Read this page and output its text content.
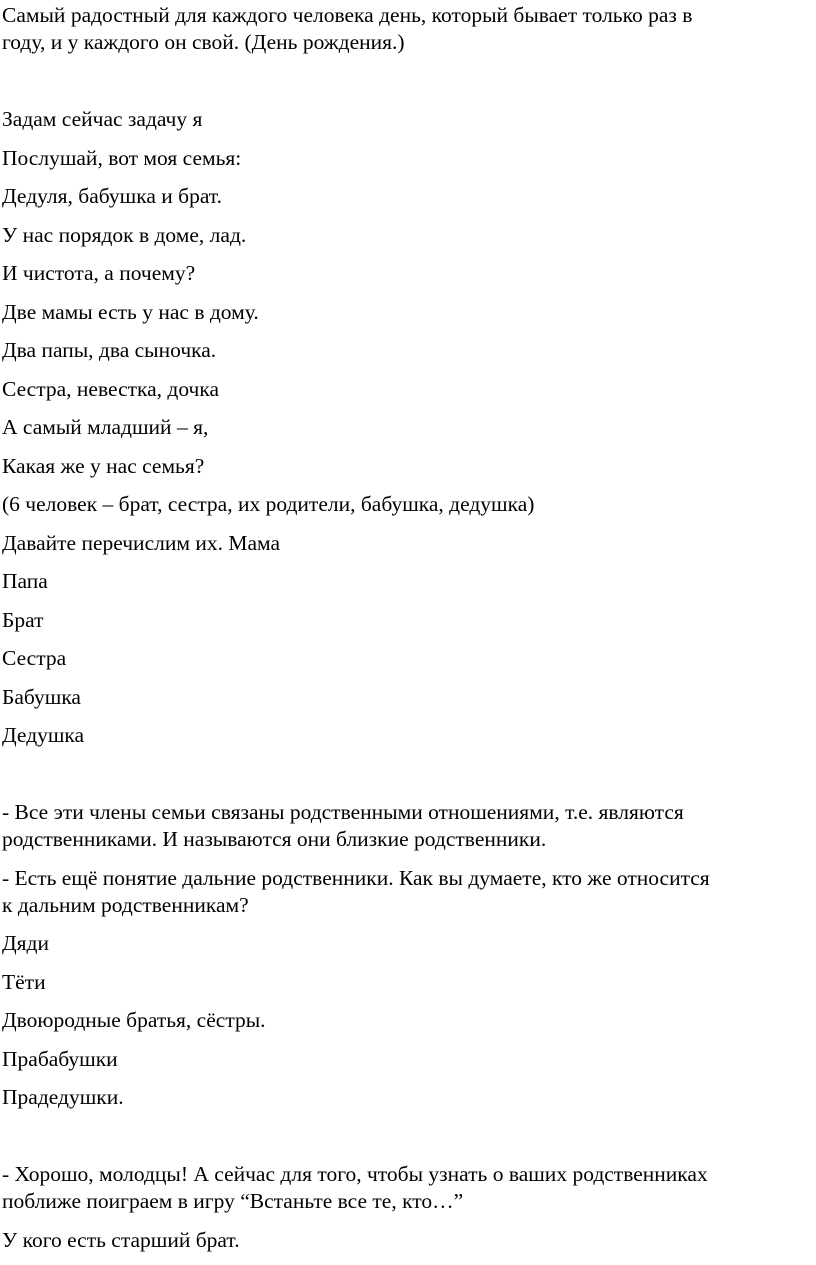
Самый радостный для каждого человека день, который бывает только раз в
году, и у каждого он свой. (День рождения.)
Задам сейчас задачу я
Послушай, вот моя семья:
Дедуля, бабушка и брат.
У нас порядок в доме, лад.
И чистота, а почему?
Две мамы есть у нас в дому.
Два папы, два сыночка.
Сестра, невестка, дочка
А самый младший – я,
Какая же у нас семья?
(6 человек – брат, сестра, их родители, бабушка, дедушка)
Давайте перечислим их. Мама
Папа
Брат
Сестра
Бабушка
Дедушка
- Все эти члены семьи связаны родственными отношениями, т.е. являются
родственниками. И называются они близкие родственники.
- Есть ещё понятие дальние родственники. Как вы думаете, кто же относится
к дальним родственникам?
Дяди
Тёти
Двоюродные братья, сёстры.
Прабабушки
Прадедушки.
- Хорошо, молодцы! А сейчас для того, чтобы узнать о ваших родственниках
поближе поиграем в игру “Встаньте все те, кто…”
У кого есть старший брат.
